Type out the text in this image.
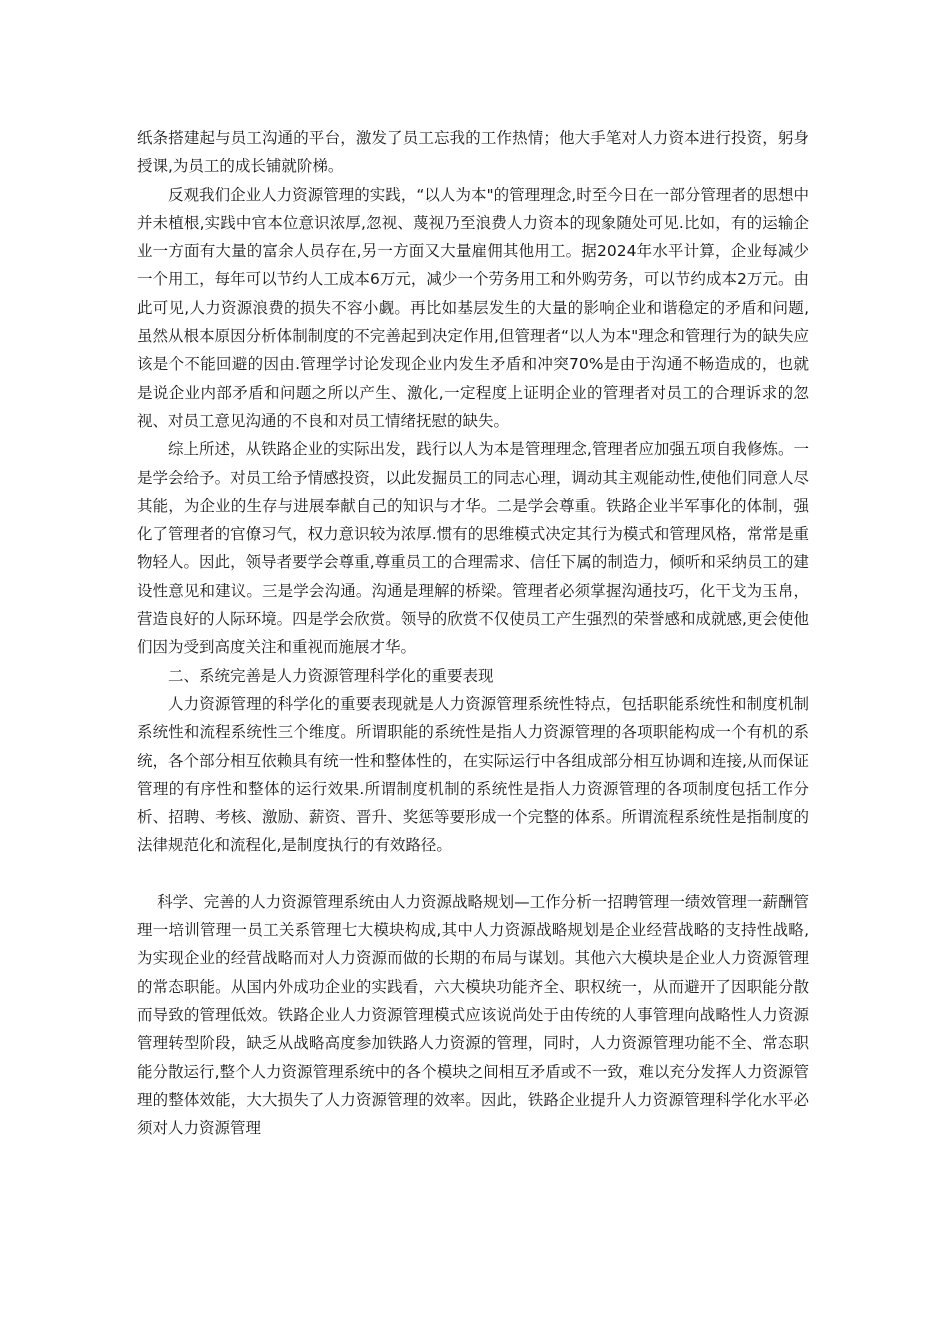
纸条搭建起与员工沟通的平台，激发了员工忘我的工作热情；他大手笔对人力资本进行投资，躬身授课,为员工的成长铺就阶梯。

反观我们企业人力资源管理的实践，“以人为本"的管理理念,时至今日在一部分管理者的思想中并未植根,实践中官本位意识浓厚,忽视、蔑视乃至浪费人力资本的现象随处可见.比如，有的运输企业一方面有大量的富余人员存在,另一方面又大量雇佣其他用工。据2024年水平计算，企业每减少一个用工，每年可以节约人工成本6万元，减少一个劳务用工和外购劳务，可以节约成本2万元。由此可见,人力资源浪费的损失不容小觑。再比如基层发生的大量的影响企业和谐稳定的矛盾和问题,虽然从根本原因分析体制制度的不完善起到决定作用,但管理者“以人为本"理念和管理行为的缺失应该是个不能回避的因由.管理学讨论发现企业内发生矛盾和冲突70%是由于沟通不畅造成的，也就是说企业内部矛盾和问题之所以产生、激化,一定程度上证明企业的管理者对员工的合理诉求的忽视、对员工意见沟通的不良和对员工情绪抚慰的缺失。

综上所述，从铁路企业的实际出发，践行以人为本是管理理念,管理者应加强五项自我修炼。一是学会给予。对员工给予情感投资，以此发掘员工的同志心理，调动其主观能动性,使他们同意人尽其能，为企业的生存与进展奉献自己的知识与才华。二是学会尊重。铁路企业半军事化的体制，强化了管理者的官僚习气，权力意识较为浓厚.惯有的思维模式决定其行为模式和管理风格，常常是重物轻人。因此，领导者要学会尊重,尊重员工的合理需求、信任下属的制造力，倾听和采纳员工的建设性意见和建议。三是学会沟通。沟通是理解的桥梁。管理者必须掌握沟通技巧，化干戈为玉帛，营造良好的人际环境。四是学会欣赏。领导的欣赏不仅使员工产生强烈的荣誉感和成就感,更会使他们因为受到高度关注和重视而施展才华。

二、系统完善是人力资源管理科学化的重要表现

人力资源管理的科学化的重要表现就是人力资源管理系统性特点，包括职能系统性和制度机制系统性和流程系统性三个维度。所谓职能的系统性是指人力资源管理的各项职能构成一个有机的系统，各个部分相互依赖具有统一性和整体性的，在实际运行中各组成部分相互协调和连接,从而保证管理的有序性和整体的运行效果.所谓制度机制的系统性是指人力资源管理的各项制度包括工作分析、招聘、考核、激励、薪资、晋升、奖惩等要形成一个完整的体系。所谓流程系统性是指制度的法律规范化和流程化,是制度执行的有效路径。

科学、完善的人力资源管理系统由人力资源战略规划—工作分析一招聘管理一绩效管理一薪酬管理一培训管理一员工关系管理七大模块构成,其中人力资源战略规划是企业经营战略的支持性战略,为实现企业的经营战略而对人力资源而做的长期的布局与谋划。其他六大模块是企业人力资源管理的常态职能。从国内外成功企业的实践看，六大模块功能齐全、职权统一，从而避开了因职能分散而导致的管理低效。铁路企业人力资源管理模式应该说尚处于由传统的人事管理向战略性人力资源管理转型阶段，缺乏从战略高度参加铁路人力资源的管理，同时，人力资源管理功能不全、常态职能分散运行,整个人力资源管理系统中的各个模块之间相互矛盾或不一致，难以充分发挥人力资源管理的整体效能，大大损失了人力资源管理的效率。因此，铁路企业提升人力资源管理科学化水平必须对人力资源管理
